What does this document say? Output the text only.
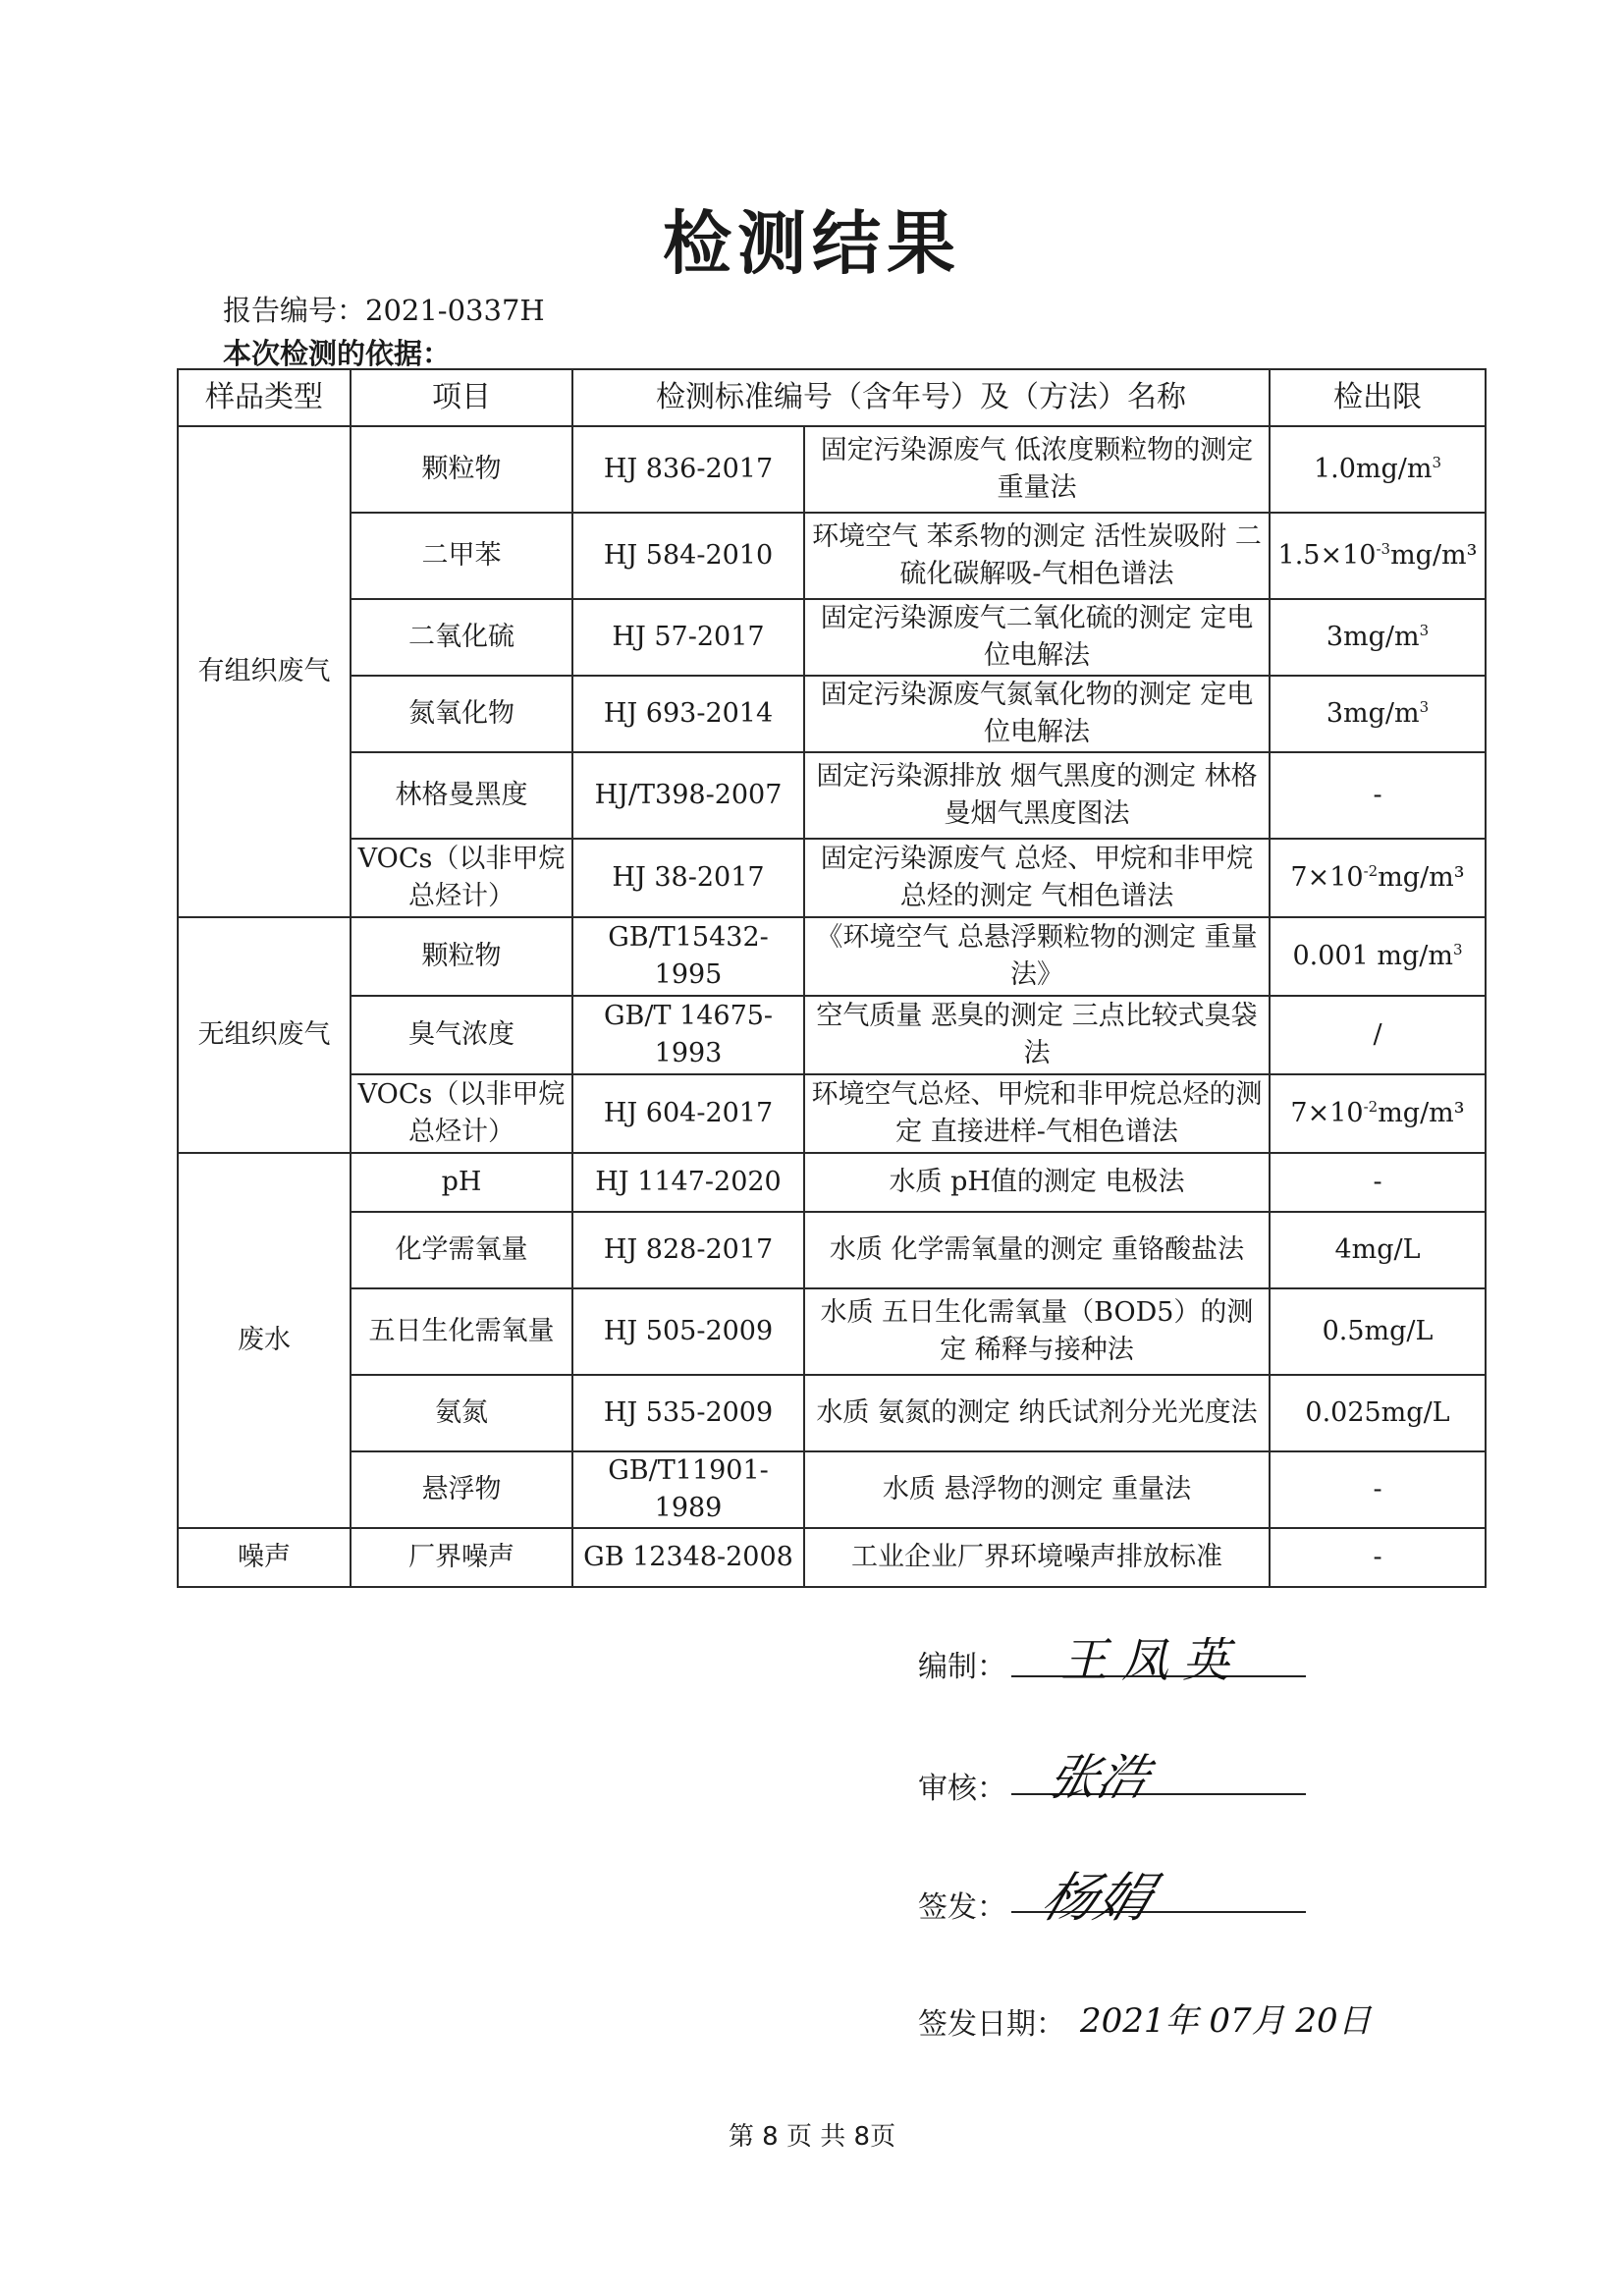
检测结果
报告编号：2021-0337H
本次检测的依据：
样品类型	项目	检测标准编号（含年号）及（方法）名称		检出限
有组织废气	颗粒物	HJ 836-2017	固定污染源废气 低浓度颗粒物的测定 重量法	$1.0mg/m^3$
	二甲苯	HJ 584-2010	环境空气 苯系物的测定 活性炭吸附 二硫化碳解吸-气相色谱法	$1.5\times 10^{-3}mg/m^3$
	二氧化硫	HJ 57-2017	固定污染源废气二氧化硫的测定 定电位电解法	$3mg/m^3$
	氮氧化物	HJ 693-2014	固定污染源废气氮氧化物的测定 定电位电解法	$3mg/m^3$
	林格曼黑度	HJ/T398-2007	固定污染源排放 烟气黑度的测定 林格曼烟气黑度图法	-
	VOCs（以非甲烷总烃计）	HJ 38-2017	固定污染源废气 总烃、甲烷和非甲烷总烃的测定 气相色谱法	$7\times 10^{-2}mg/m^3$
无组织废气	颗粒物	GB/T15432-1995	《环境空气 总悬浮颗粒物的测定 重量法》	0.001 $mg/m^3$
	臭气浓度	GB/T 14675-1993	空气质量 恶臭的测定 三点比较式臭袋法	/
	VOCs（以非甲烷总烃计）	HJ 604-2017	环境空气总烃、甲烷和非甲烷总烃的测定 直接进样-气相色谱法	$7\times 10^{-2}mg/m^3$
废水	pH	HJ 1147-2020	水质 pH值的测定 电极法	-
	化学需氧量	HJ 828-2017	水质 化学需氧量的测定 重铬酸盐法	4mg/L
	五日生化需氧量	HJ 505-2009	水质 五日生化需氧量（BOD5）的测定 稀释与接种法	0.5mg/L
	氨氮	HJ 535-2009	水质 氨氮的测定 纳氏试剂分光光度法	0.025mg/L
	悬浮物	GB/T11901-1989	水质 悬浮物的测定 重量法	-
噪声	厂界噪声	GB 12348-2008	工业企业厂界环境噪声排放标准	-
编制： 王凤英
审核： 张浩
签发： 杨娟
签发日期： 2021年 07月 20日
第 8 页 共 8页
